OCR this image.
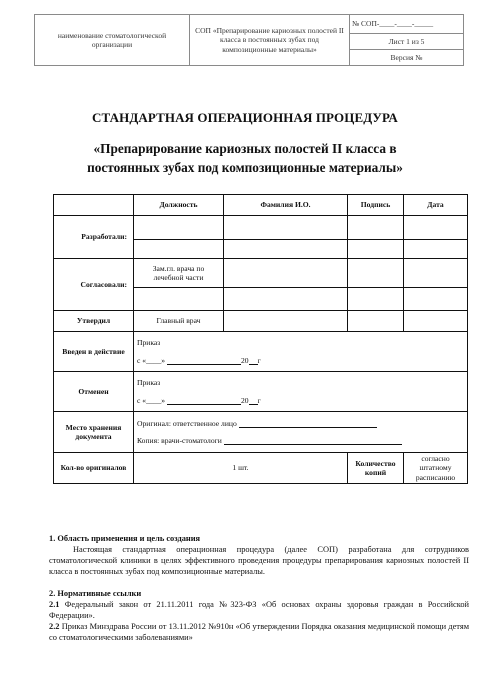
наименование стоматологической организации	СОП «Препарирование кариозных полостей II класса в постоянных зубах под композиционные материалы»	№ СОП-____-____-_____
Лист 1 из 5
Версия №
СТАНДАРТНАЯ ОПЕРАЦИОННАЯ ПРОЦЕДУРА
«Препарирование кариозных полостей II класса в
постоянных зубах под композиционные материалы»
	Должность	Фамилия И.О.	Подпись	Дата
Разработали:				

Согласовали:	Зам.гл. врача по лечебной части			

Утвердил	Главный врач			
Введен в действие	Приказ
с «____» 20 г			

Отменен	Приказ
с «____» 20 г			

Место хранения документа	Оригинал: ответственное лицо
Копия: врачи-стоматологи			

Кол-во оригиналов	1 шт.		Количество копий	согласно штатному расписанию
1. Область применения и цель создания
Настоящая стандартная операционная процедура (далее СОП) разработана для сотрудников стоматологической клиники в целях эффективного проведения процедуры препарирования кариозных полостей II класса в постоянных зубах под композиционные материалы.
2. Нормативные ссылки
2.1 Федеральный закон от 21.11.2011 года №323-ФЗ «Об основах охраны здоровья граждан в Российской Федерации».
2.2 Приказ Минздрава России от 13.11.2012 №910н «Об утверждении Порядка оказания медицинской помощи детям со стоматологическими заболеваниями»
